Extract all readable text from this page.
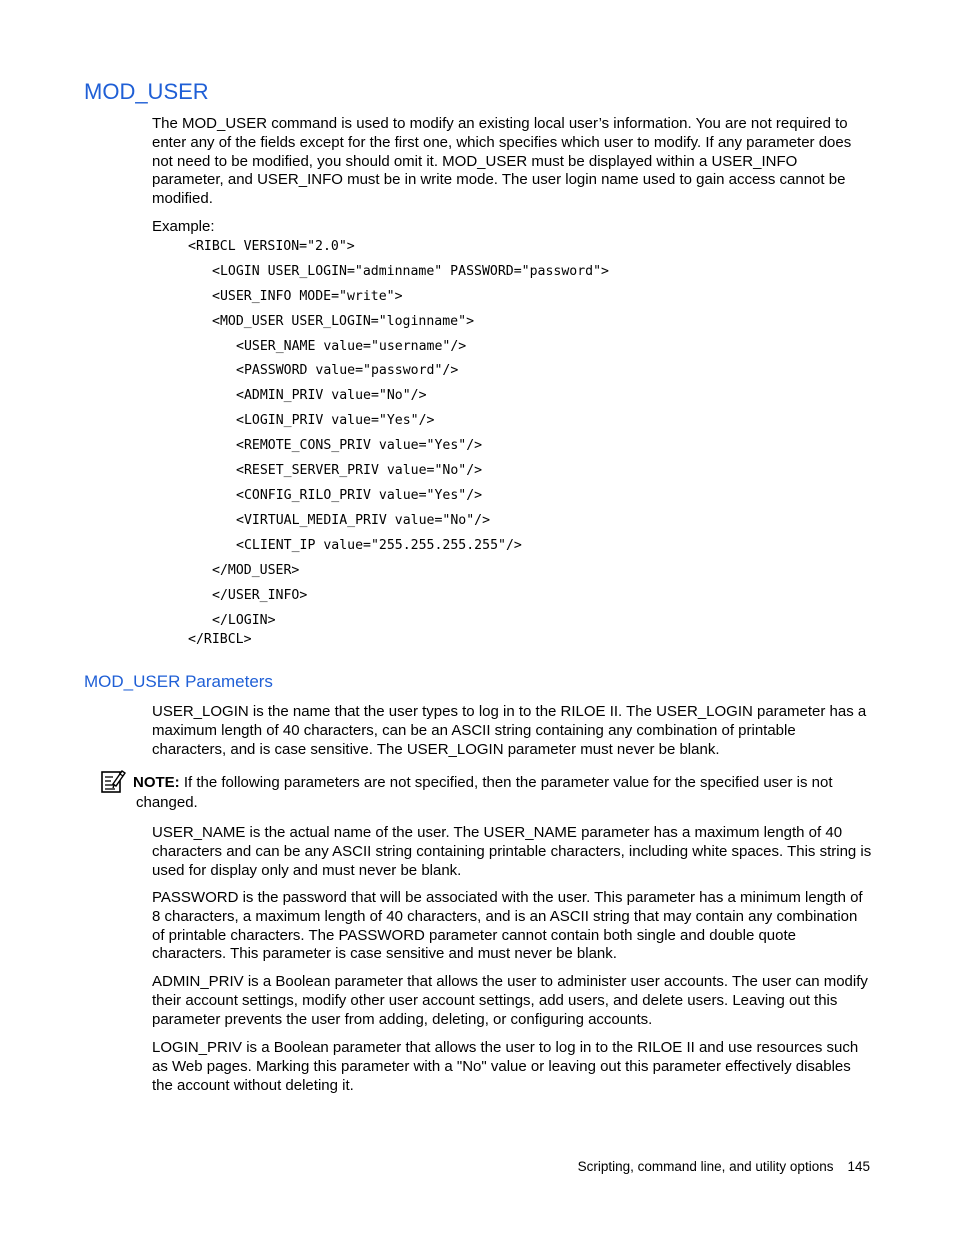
MOD_USER

The MOD_USER command is used to modify an existing local user’s information. You are not required to enter any of the fields except for the first one, which specifies which user to modify. If any parameter does not need to be modified, you should omit it. MOD_USER must be displayed within a USER_INFO parameter, and USER_INFO must be in write mode. The user login name used to gain access cannot be modified.

Example:

<RIBCL VERSION="2.0">
<LOGIN USER_LOGIN="adminname" PASSWORD="password">
<USER_INFO MODE="write">
<MOD_USER USER_LOGIN="loginname">
<USER_NAME value="username"/>
<PASSWORD value="password"/>
<ADMIN_PRIV value="No"/>
<LOGIN_PRIV value="Yes"/>
<REMOTE_CONS_PRIV value="Yes"/>
<RESET_SERVER_PRIV value="No"/>
<CONFIG_RILO_PRIV value="Yes"/>
<VIRTUAL_MEDIA_PRIV value="No"/>
<CLIENT_IP value="255.255.255.255"/>
</MOD_USER>
</USER_INFO>
</LOGIN>
</RIBCL>
MOD_USER Parameters

USER_LOGIN is the name that the user types to log in to the RILOE II. The USER_LOGIN parameter has a maximum length of 40 characters, can be an ASCII string containing any combination of printable characters, and is case sensitive. The USER_LOGIN parameter must never be blank.

NOTE: If the following parameters are not specified, then the parameter value for the specified user is not
changed.

USER_NAME is the actual name of the user. The USER_NAME parameter has a maximum length of 40 characters and can be any ASCII string containing printable characters, including white spaces. This string is used for display only and must never be blank.

PASSWORD is the password that will be associated with the user. This parameter has a minimum length of 8 characters, a maximum length of 40 characters, and is an ASCII string that may contain any combination of printable characters. The PASSWORD parameter cannot contain both single and double quote characters. This parameter is case sensitive and must never be blank.

ADMIN_PRIV is a Boolean parameter that allows the user to administer user accounts. The user can modify their account settings, modify other user account settings, add users, and delete users. Leaving out this parameter prevents the user from adding, deleting, or configuring accounts.

LOGIN_PRIV is a Boolean parameter that allows the user to log in to the RILOE II and use resources such as Web pages. Marking this parameter with a "No" value or leaving out this parameter effectively disables the account without deleting it.

Scripting, command line, and utility options 145
